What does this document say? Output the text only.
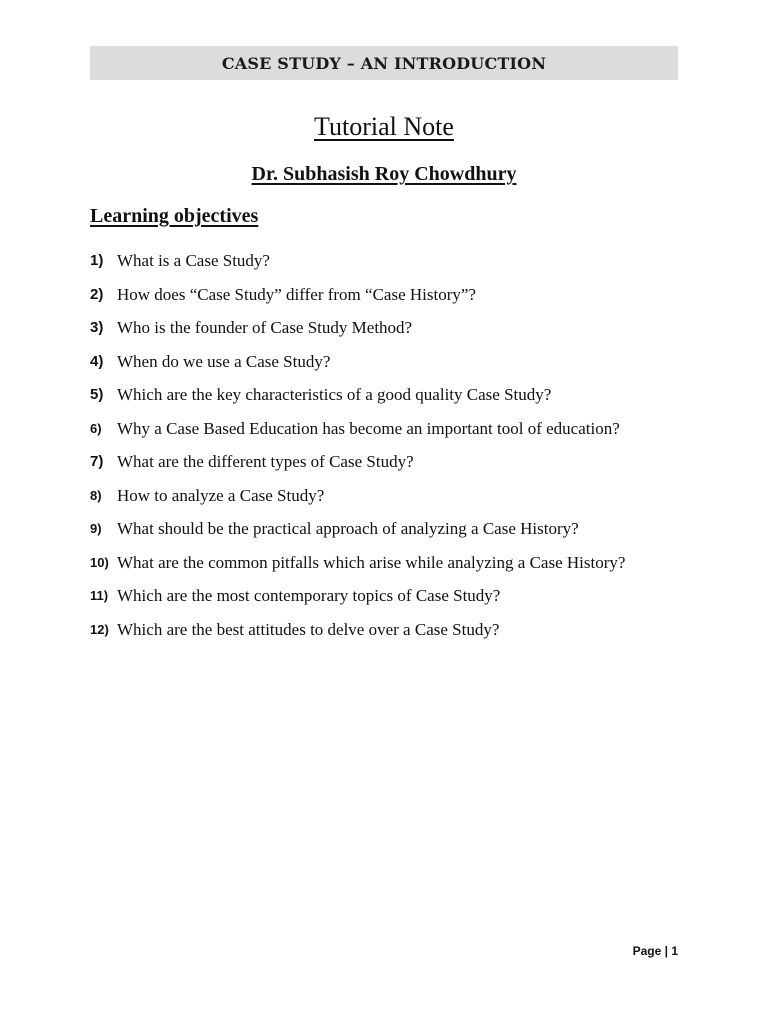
CASE STUDY – AN INTRODUCTION
Tutorial Note
Dr. Subhasish Roy Chowdhury
Learning objectives
1) What is a Case Study?
2) How does “Case Study” differ from “Case History”?
3) Who is the founder of Case Study Method?
4) When do we use a Case Study?
5) Which are the key characteristics of a good quality Case Study?
6) Why a Case Based Education has become an important tool of education?
7) What are the different types of Case Study?
8) How to analyze a Case Study?
9) What should be the practical approach of analyzing a Case History?
10) What are the common pitfalls which arise while analyzing a Case History?
11) Which are the most contemporary topics of Case Study?
12) Which are the best attitudes to delve over a Case Study?
Page | 1
